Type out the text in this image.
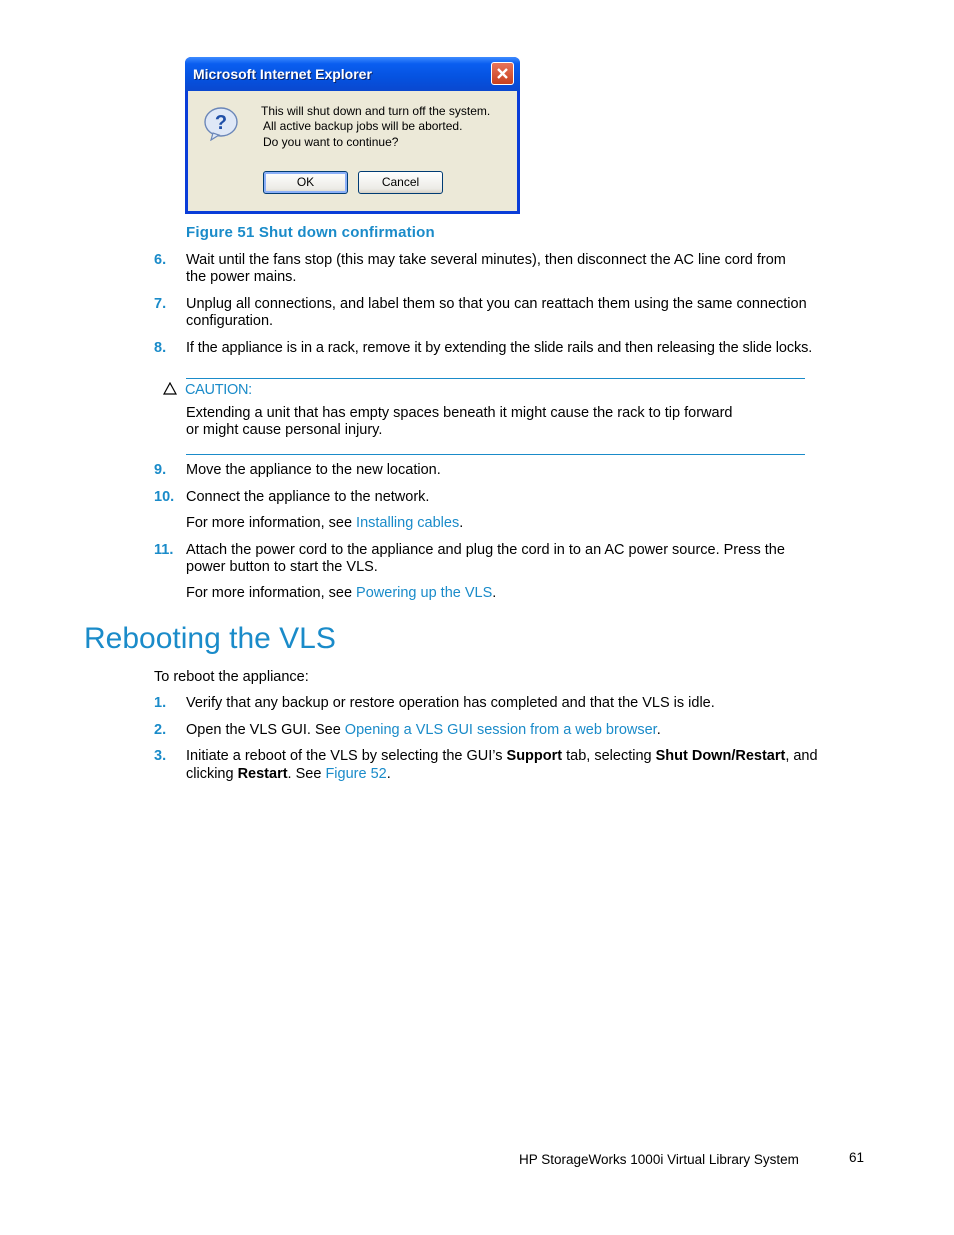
Microsoft Internet Explorer
?
This will shut down and turn off the system.
All active backup jobs will be aborted.
Do you want to continue?
OK	Cancel
Figure 51 Shut down confirmation
6. Wait until the fans stop (this may take several minutes), then disconnect the AC line cord from
the power mains.
7. Unplug all connections, and label them so that you can reattach them using the same connection
configuration.
8. If the appliance is in a rack, remove it by extending the slide rails and then releasing the slide locks.
CAUTION:
Extending a unit that has empty spaces beneath it might cause the rack to tip forward
or might cause personal injury.
9. Move the appliance to the new location.
10. Connect the appliance to the network.
For more information, see Installing cables.
11. Attach the power cord to the appliance and plug the cord in to an AC power source. Press the
power button to start the VLS.
For more information, see Powering up the VLS.
Rebooting the VLS
To reboot the appliance:
1. Verify that any backup or restore operation has completed and that the VLS is idle.
2. Open the VLS GUI. See Opening a VLS GUI session from a web browser.
3. Initiate a reboot of the VLS by selecting the GUI’s Support tab, selecting Shut Down/Restart, and
clicking Restart. See Figure 52.
HP StorageWorks 1000i Virtual Library System	61
